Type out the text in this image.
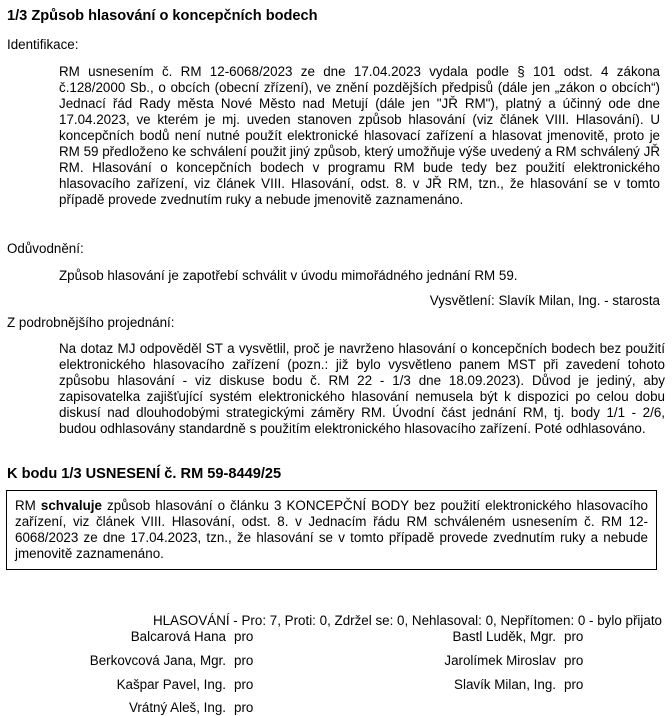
1/3 Způsob hlasování o koncepčních bodech
Identifikace:

RM usnesením č. RM 12-6068/2023 ze dne 17.04.2023 vydala podle § 101 odst. 4 zákona č.128/2000 Sb., o obcích (obecní zřízení), ve znění pozdějších předpisů (dále jen „zákon o obcích“) Jednací řád Rady města Nové Město nad Metují (dále jen "JŘ RM"), platný a účinný ode dne 17.04.2023, ve kterém je mj. uveden stanoven způsob hlasování (viz článek VIII. Hlasování). U koncepčních bodů není nutné použít elektronické hlasovací zařízení a hlasovat jmenovitě, proto je RM 59 předloženo ke schválení použit jiný způsob, který umožňuje výše uvedený a RM schválený JŘ RM. Hlasování o koncepčních bodech v programu RM bude tedy bez použití elektronického hlasovacího zařízení, viz článek VIII. Hlasování, odst. 8. v JŘ RM, tzn., že hlasování se v tomto případě provede zvednutím ruky a nebude jmenovitě zaznamenáno.

Odůvodnění:

Způsob hlasování je zapotřebí schválit v úvodu mimořádného jednání RM 59.

Vysvětlení: Slavík Milan, Ing. - starosta
Z podrobnějšího projednání:

Na dotaz MJ odpověděl ST a vysvětlil, proč je navrženo hlasování o koncepčních bodech bez použití elektronického hlasovacího zařízení (pozn.: již bylo vysvětleno panem MST při zavedení tohoto způsobu hlasování - viz diskuse bodu č. RM 22 - 1/3 dne 18.09.2023). Důvod je jediný, aby zapisovatelka zajišťující systém elektronického hlasování nemusela být k dispozici po celou dobu diskusí nad dlouhodobými strategickými záměry RM. Úvodní část jednání RM, tj. body 1/1 - 2/6, budou odhlasovány standardně s použitím elektronického hlasovacího zařízení. Poté odhlasováno.

K bodu 1/3 USNESENÍ č. RM 59-8449/25

RM schvaluje způsob hlasování o článku 3 KONCEPČNÍ BODY bez použití elektronického hlasovacího zařízení, viz článek VIII. Hlasování, odst. 8. v Jednacím řádu RM schváleném usnesením č. RM 12-6068/2023 ze dne 17.04.2023, tzn., že hlasování se v tomto případě provede zvednutím ruky a nebude jmenovitě zaznamenáno.

HLASOVÁNÍ - Pro: 7, Proti: 0, Zdržel se: 0, Nehlasoval: 0, Nepřítomen: 0 - bylo přijato
Balcarová Hana pro	Bastl Luděk, Mgr. pro
Berkovcová Jana, Mgr. pro	Jarolímek Miroslav pro
Kašpar Pavel, Ing. pro	Slavík Milan, Ing. pro
Vrátný Aleš, Ing. pro
